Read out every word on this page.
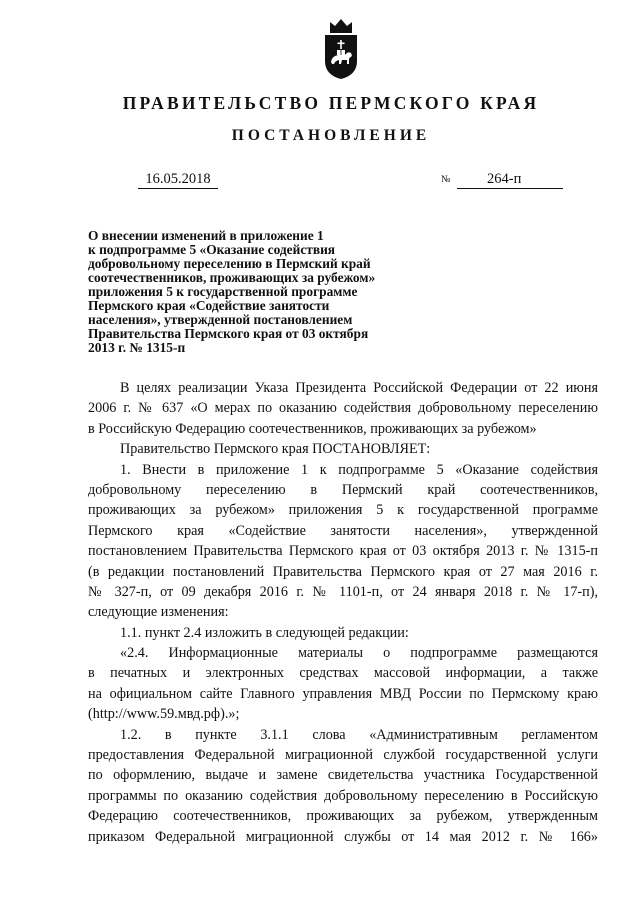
ПРАВИТЕЛЬСТВО ПЕРМСКОГО КРАЯ
ПОСТАНОВЛЕНИЕ
16.05.2018	№	264-п
О внесении изменений в приложение 1
к подпрограмме 5 «Оказание содействия
добровольному переселению в Пермский край
соотечественников, проживающих за рубежом»
приложения 5 к государственной программе
Пермского края «Содействие занятости
населения», утвержденной постановлением
Правительства Пермского края от 03 октября
2013 г. № 1315-п
В целях реализации Указа Президента Российской Федерации от 22 июня
2006 г. № 637 «О мерах по оказанию содействия добровольному переселению
в Российскую Федерацию соотечественников, проживающих за рубежом»
Правительство Пермского края ПОСТАНОВЛЯЕТ:
1. Внести в приложение 1 к подпрограмме 5 «Оказание содействия
добровольному переселению в Пермский край соотечественников,
проживающих за рубежом» приложения 5 к государственной программе
Пермского края «Содействие занятости населения», утвержденной
постановлением Правительства Пермского края от 03 октября 2013 г. № 1315-п
(в редакции постановлений Правительства Пермского края от 27 мая 2016 г.
№ 327-п, от 09 декабря 2016 г. № 1101-п, от 24 января 2018 г. № 17-п),
следующие изменения:
1.1. пункт 2.4 изложить в следующей редакции:
«2.4. Информационные материалы о подпрограмме размещаются
в печатных и электронных средствах массовой информации, а также
на официальном сайте Главного управления МВД России по Пермскому краю
(http://www.59.мвд.рф).»;
1.2. в пункте 3.1.1 слова «Административным регламентом
предоставления Федеральной миграционной службой государственной услуги
по оформлению, выдаче и замене свидетельства участника Государственной
программы по оказанию содействия добровольному переселению в Российскую
Федерацию соотечественников, проживающих за рубежом, утвержденным
приказом Федеральной миграционной службы от 14 мая 2012 г. № 166»
